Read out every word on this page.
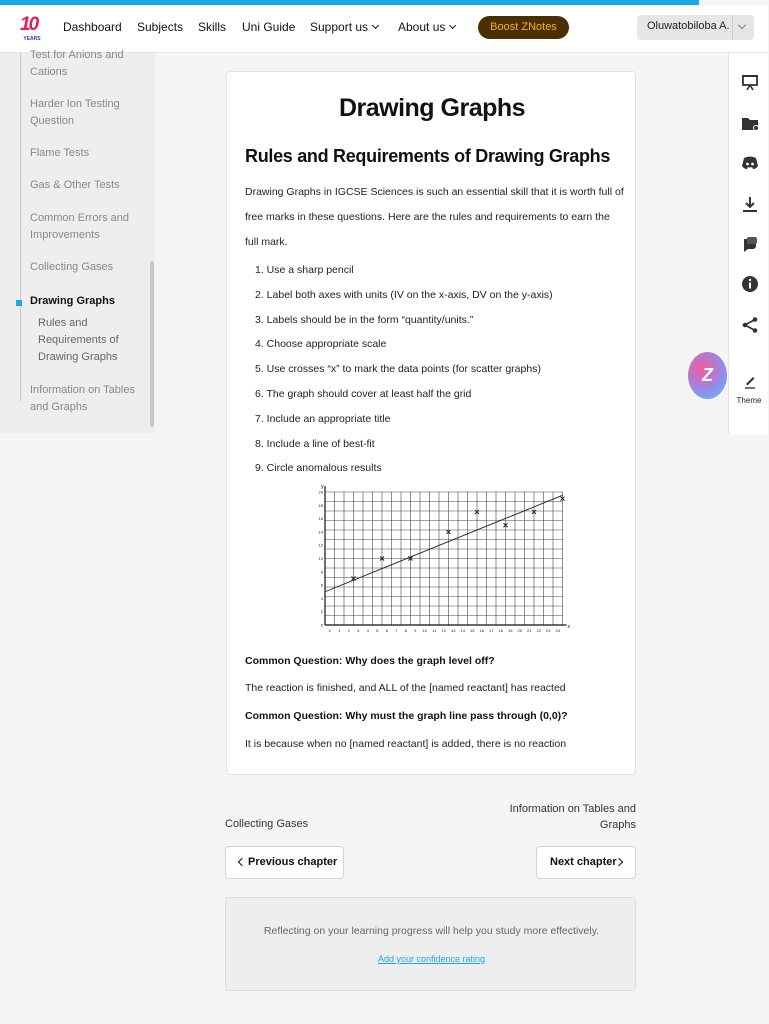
10
YEARS
Dashboard Subjects Skills Uni Guide Support us	About us	Boost ZNotes	Oluwatobiloba A.
Test for Anions and Cations
Harder Ion Testing Question
Flame Tests
Gas & Other Tests
Common Errors and Improvements
Collecting Gases
Drawing Graphs
Rules and Requirements of Drawing Graphs
Information on Tables and Graphs
Theme
Z
Drawing Graphs
Rules and Requirements of Drawing Graphs
Drawing Graphs in IGCSE Sciences is such an essential skill that it is worth full of free marks in these questions. Here are the rules and requirements to earn the full mark.
1. Use a sharp pencil
2. Label both axes with units (IV on the x-axis, DV on the y-axis)
3. Labels should be in the form “quantity/units.”
4. Choose appropriate scale
5. Use crosses “x” to mark the data points (for scatter graphs)
6. The graph should cover at least half the grid
7. Include an appropriate title
8. Include a line of best-fit
9. Circle anomalous results
x
y
0 1 2 3 4 5 6 7 8 9 10 11 12 13 14 15 16 17 18 19 20 21 22 23 24
0
2
4
6
8
10
12
14
16
18
20
Common Question: Why does the graph level off?
The reaction is finished, and ALL of the [named reactant] has reacted
Common Question: Why must the graph line pass through (0,0)?
It is because when no [named reactant] is added, there is no reaction
Collecting Gases
Information on Tables and Graphs
Previous chapter	Next chapter
Reflecting on your learning progress will help you study more effectively.
Add your confidence rating
